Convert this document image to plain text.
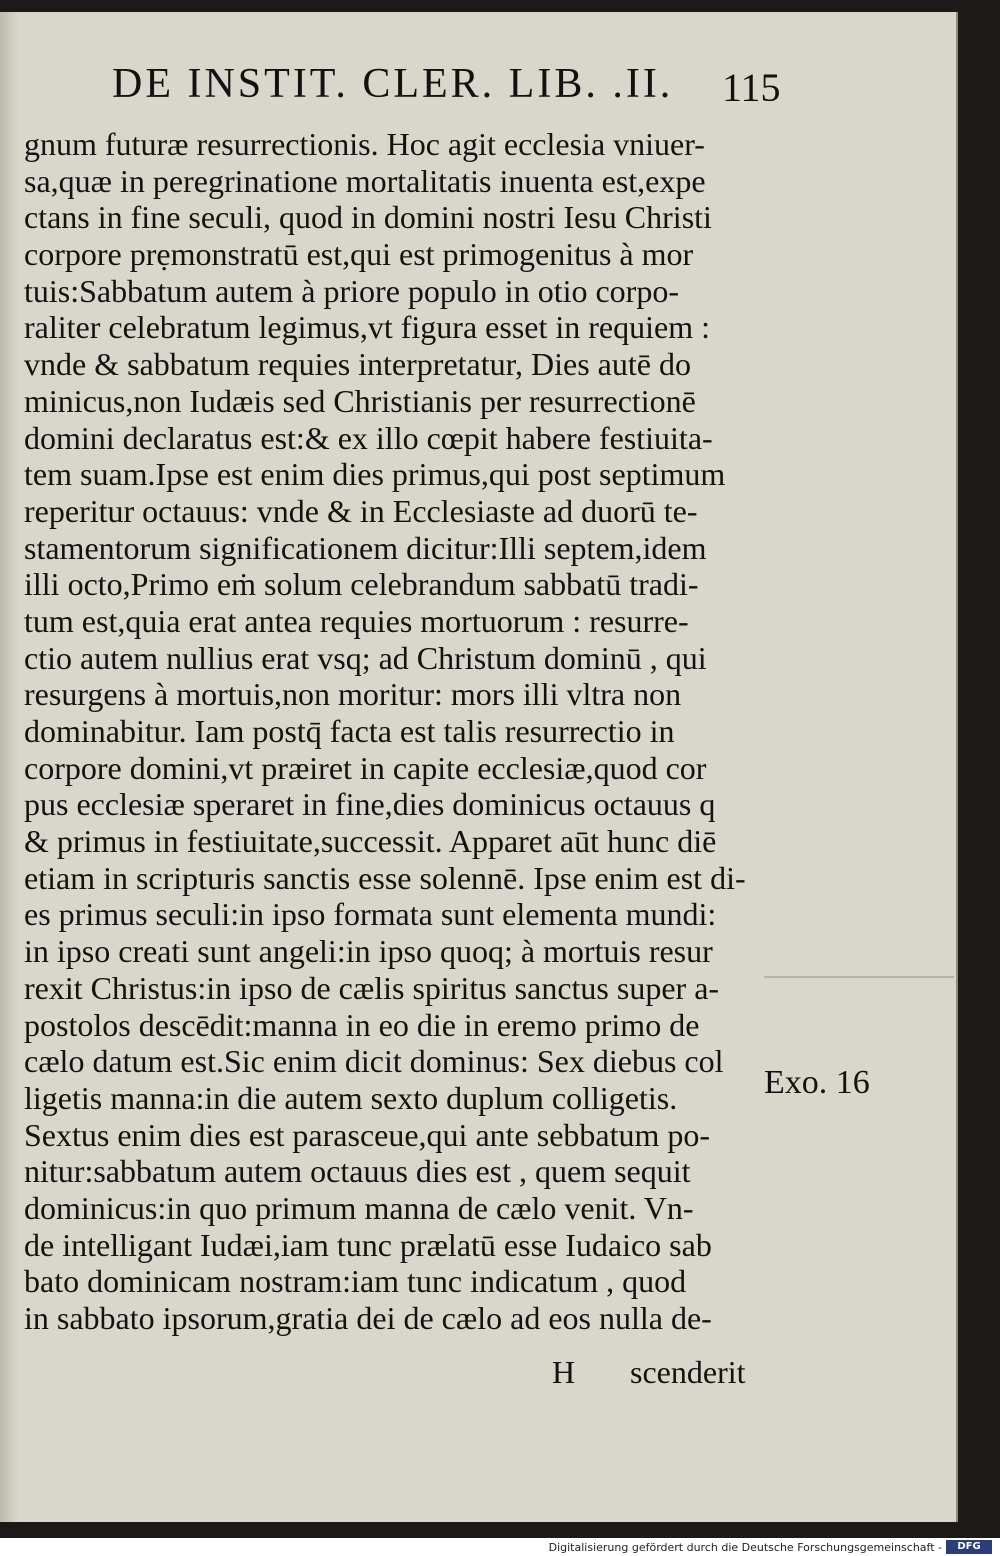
DE INSTIT. CLER. LIB. .II. 115
gnum futuræ resurrectionis. Hoc agit ecclesia vniuer-
sa,quæ in peregrinatione mortalitatis inuenta est,expe
ctans in fine seculi, quod in domini nostri Iesu Christi
corpore prẹmonstratū est,qui est primogenitus à mor
tuis:Sabbatum autem à priore populo in otio corpo-
raliter celebratum legimus,vt figura esset in requiem :
vnde & sabbatum requies interpretatur, Dies autē do
minicus,non Iudæis sed Christianis per resurrectionē
domini declaratus est:& ex illo cœpit habere festiuita-
tem suam.Ipse est enim dies primus,qui post septimum
reperitur octauus: vnde & in Ecclesiaste ad duorū te-
stamentorum significationem dicitur:Illi septem,idem
illi octo,Primo eṁ solum celebrandum sabbatū tradi-
tum est,quia erat antea requies mortuorum : resurre-
ctio autem nullius erat vsq; ad Christum dominū , qui
resurgens à mortuis,non moritur: mors illi vltra non
dominabitur. Iam postq̄ facta est talis resurrectio in
corpore domini,vt præiret in capite ecclesiæ,quod cor
pus ecclesiæ speraret in fine,dies dominicus octauus q
& primus in festiuitate,successit. Apparet aūt hunc diē
etiam in scripturis sanctis esse solennē. Ipse enim est di-
es primus seculi:in ipso formata sunt elementa mundi:
in ipso creati sunt angeli:in ipso quoq; à mortuis resur
rexit Christus:in ipso de cælis spiritus sanctus super a-
postolos descēdit:manna in eo die in eremo primo de
cælo datum est.Sic enim dicit dominus: Sex diebus col
ligetis manna:in die autem sexto duplum colligetis.
Sextus enim dies est parasceue,qui ante sebbatum po-
nitur:sabbatum autem octauus dies est , quem sequit
dominicus:in quo primum manna de cælo venit. Vn-
de intelligant Iudæi,iam tunc prælatū esse Iudaico sab
bato dominicam nostram:iam tunc indicatum , quod
in sabbato ipsorum,gratia dei de cælo ad eos nulla de-
Exo. 16
H scenderit
Digitalisierung gefördert durch die Deutsche Forschungsgemeinschaft -	DFG
